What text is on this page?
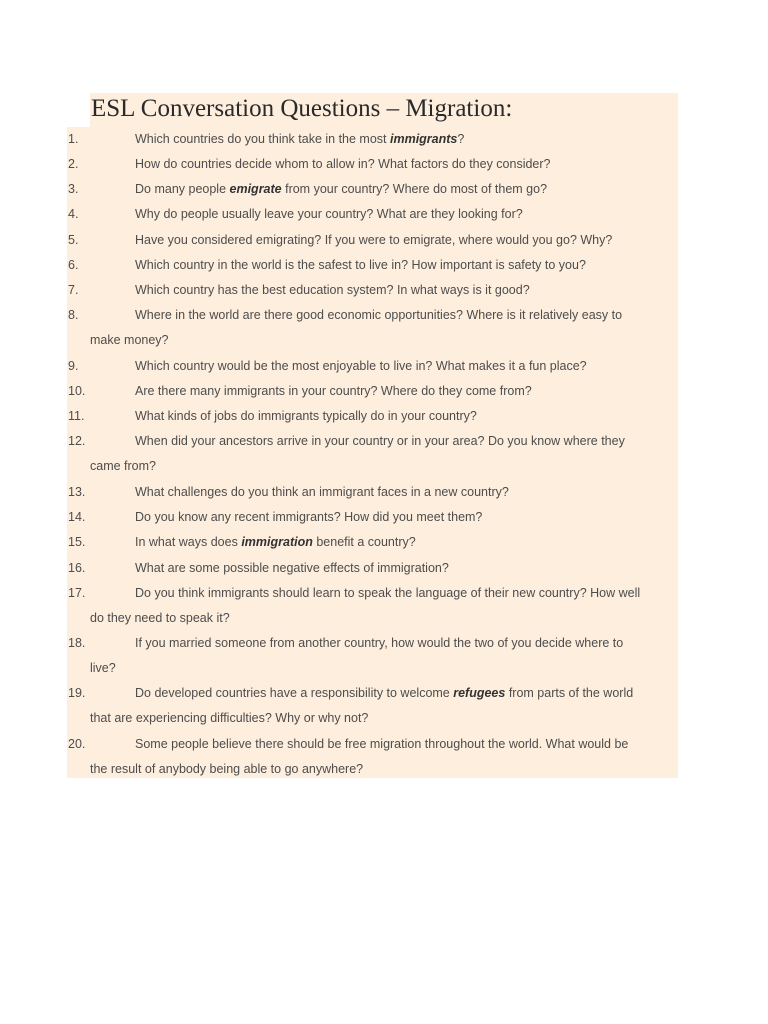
ESL Conversation Questions – Migration:
1.	Which countries do you think take in the most immigrants?
2.	How do countries decide whom to allow in? What factors do they consider?
3.	Do many people emigrate from your country? Where do most of them go?
4.	Why do people usually leave your country? What are they looking for?
5.	Have you considered emigrating? If you were to emigrate, where would you go? Why?
6.	Which country in the world is the safest to live in? How important is safety to you?
7.	Which country has the best education system? In what ways is it good?
8.	Where in the world are there good economic opportunities? Where is it relatively easy to
make money?
9.	Which country would be the most enjoyable to live in? What makes it a fun place?
10.	Are there many immigrants in your country? Where do they come from?
11.	What kinds of jobs do immigrants typically do in your country?
12.	When did your ancestors arrive in your country or in your area? Do you know where they
came from?
13.	What challenges do you think an immigrant faces in a new country?
14.	Do you know any recent immigrants? How did you meet them?
15.	In what ways does immigration benefit a country?
16.	What are some possible negative effects of immigration?
17.	Do you think immigrants should learn to speak the language of their new country? How well
do they need to speak it?
18.	If you married someone from another country, how would the two of you decide where to
live?
19.	Do developed countries have a responsibility to welcome refugees from parts of the world
that are experiencing difficulties? Why or why not?
20.	Some people believe there should be free migration throughout the world. What would be
the result of anybody being able to go anywhere?
